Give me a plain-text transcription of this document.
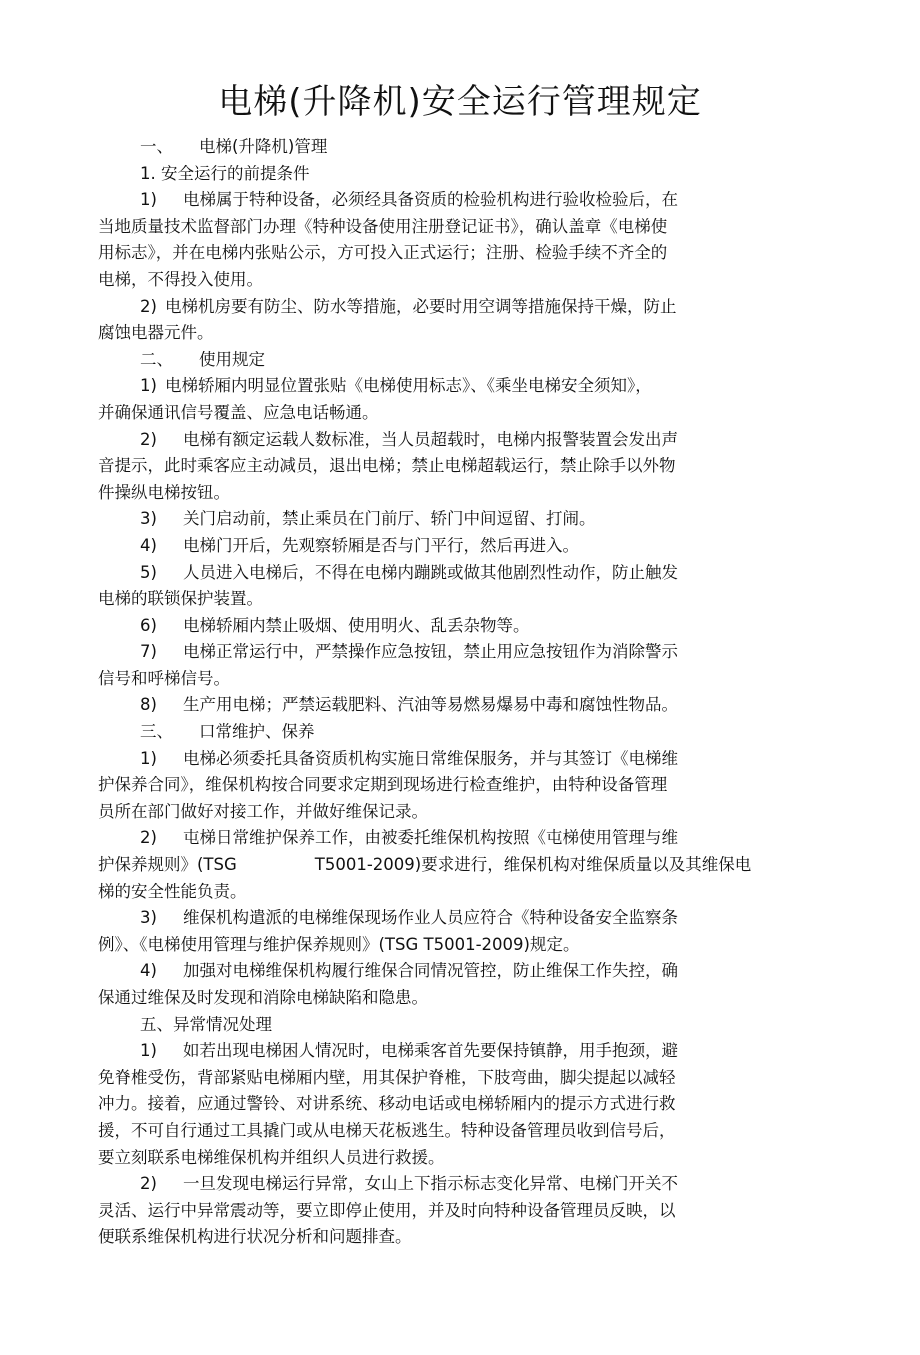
电梯(升降机)安全运行管理规定
一、 电梯(升降机)管理
1. 安全运行的前提条件
1) 电梯属于特种设备，必须经具备资质的检验机构进行验收检验后，在
当地质量技术监督部门办理《特种设备使用注册登记证书》，确认盖章《电梯使
用标志》，并在电梯内张贴公示，方可投入正式运行；注册、检验手续不齐全的
电梯，不得投入使用。
2) 电梯机房要有防尘、防水等措施，必要时用空调等措施保持干燥，防止
腐蚀电器元件。
二、 使用规定
1) 电梯轿厢内明显位置张贴《电梯使用标志》、《乘坐电梯安全须知》，
并确保通讯信号覆盖、应急电话畅通。
2) 电梯有额定运载人数标准，当人员超载时，电梯内报警装置会发出声
音提示，此时乘客应主动减员，退出电梯；禁止电梯超载运行，禁止除手以外物
件操纵电梯按钮。
3) 关门启动前，禁止乘员在门前厅、轿门中间逗留、打闹。
4) 电梯门开后，先观察轿厢是否与门平行，然后再进入。
5) 人员进入电梯后，不得在电梯内蹦跳或做其他剧烈性动作，防止触发
电梯的联锁保护装置。
6) 电梯轿厢内禁止吸烟、使用明火、乱丢杂物等。
7) 电梯正常运行中，严禁操作应急按钮，禁止用应急按钮作为消除警示
信号和呼梯信号。
8) 生产用电梯；严禁运载肥料、汽油等易燃易爆易中毒和腐蚀性物品。
三、 口常维护、保养
1) 电梯必须委托具备资质机构实施日常维保服务，并与其签订《电梯维
护保养合同》，维保机构按合同要求定期到现场进行检查维护，由特种设备管理
员所在部门做好对接工作，并做好维保记录。
2) 屯梯日常维护保养工作，由被委托维保机构按照《屯梯使用管理与维
护保养规则》(TSG	T5001-2009)要求进行，维保机构对维保质量以及其维保电
梯的安全性能负责。
3) 维保机构遣派的电梯维保现场作业人员应符合《特种设备安全监察条
例》、《电梯使用管理与维护保养规则》(TSG T5001-2009)规定。
4) 加强对电梯维保机构履行维保合同情况管控，防止维保工作失控，确
保通过维保及时发现和消除电梯缺陷和隐患。
五、异常情况处理
1) 如若出现电梯困人情况时，电梯乘客首先要保持镇静，用手抱颈，避
免脊椎受伤，背部紧贴电梯厢内壁，用其保护脊椎，下肢弯曲，脚尖提起以减轻
冲力。接着，应通过警铃、对讲系统、移动电话或电梯轿厢内的提示方式进行救
援，不可自行通过工具撬门或从电梯天花板逃生。特种设备管理员收到信号后，
要立刻联系电梯维保机构并组织人员进行救援。
2) 一旦发现电梯运行异常，女山上下指示标志变化异常、电梯门开关不
灵活、运行中异常震动等，要立即停止使用，并及时向特种设备管理员反映，以
便联系维保机构进行状况分析和问题排查。
